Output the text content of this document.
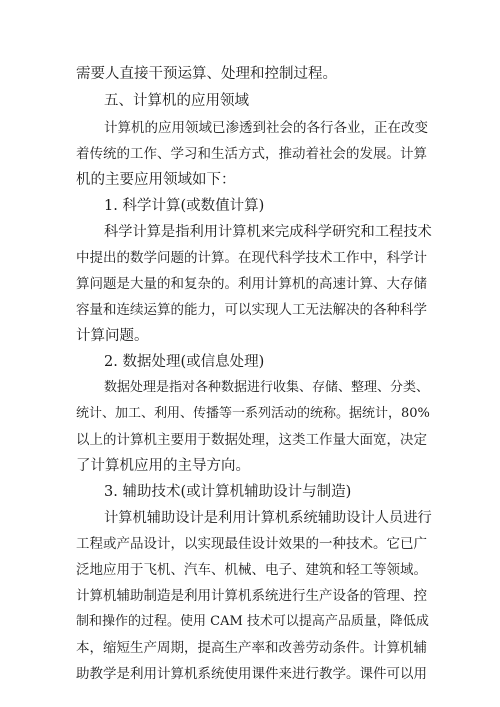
需要人直接干预运算、处理和控制过程。
五、计算机的应用领域
计算机的应用领域已渗透到社会的各行各业，正在改变
着传统的工作、学习和生活方式，推动着社会的发展。计算
机的主要应用领域如下：
1. 科学计算(或数值计算)
科学计算是指利用计算机来完成科学研究和工程技术
中提出的数学问题的计算。在现代科学技术工作中，科学计
算问题是大量的和复杂的。利用计算机的高速计算、大存储
容量和连续运算的能力，可以实现人工无法解决的各种科学
计算问题。
2. 数据处理(或信息处理)
数据处理是指对各种数据进行收集、存储、整理、分类、
统计、加工、利用、传播等一系列活动的统称。据统计，80%
以上的计算机主要用于数据处理，这类工作量大面宽，决定
了计算机应用的主导方向。
3. 辅助技术(或计算机辅助设计与制造)
计算机辅助设计是利用计算机系统辅助设计人员进行
工程或产品设计，以实现最佳设计效果的一种技术。它已广
泛地应用于飞机、汽车、机械、电子、建筑和轻工等领域。
计算机辅助制造是利用计算机系统进行生产设备的管理、控
制和操作的过程。使用 CAM 技术可以提高产品质量，降低成
本，缩短生产周期，提高生产率和改善劳动条件。计算机辅
助教学是利用计算机系统使用课件来进行教学。课件可以用
